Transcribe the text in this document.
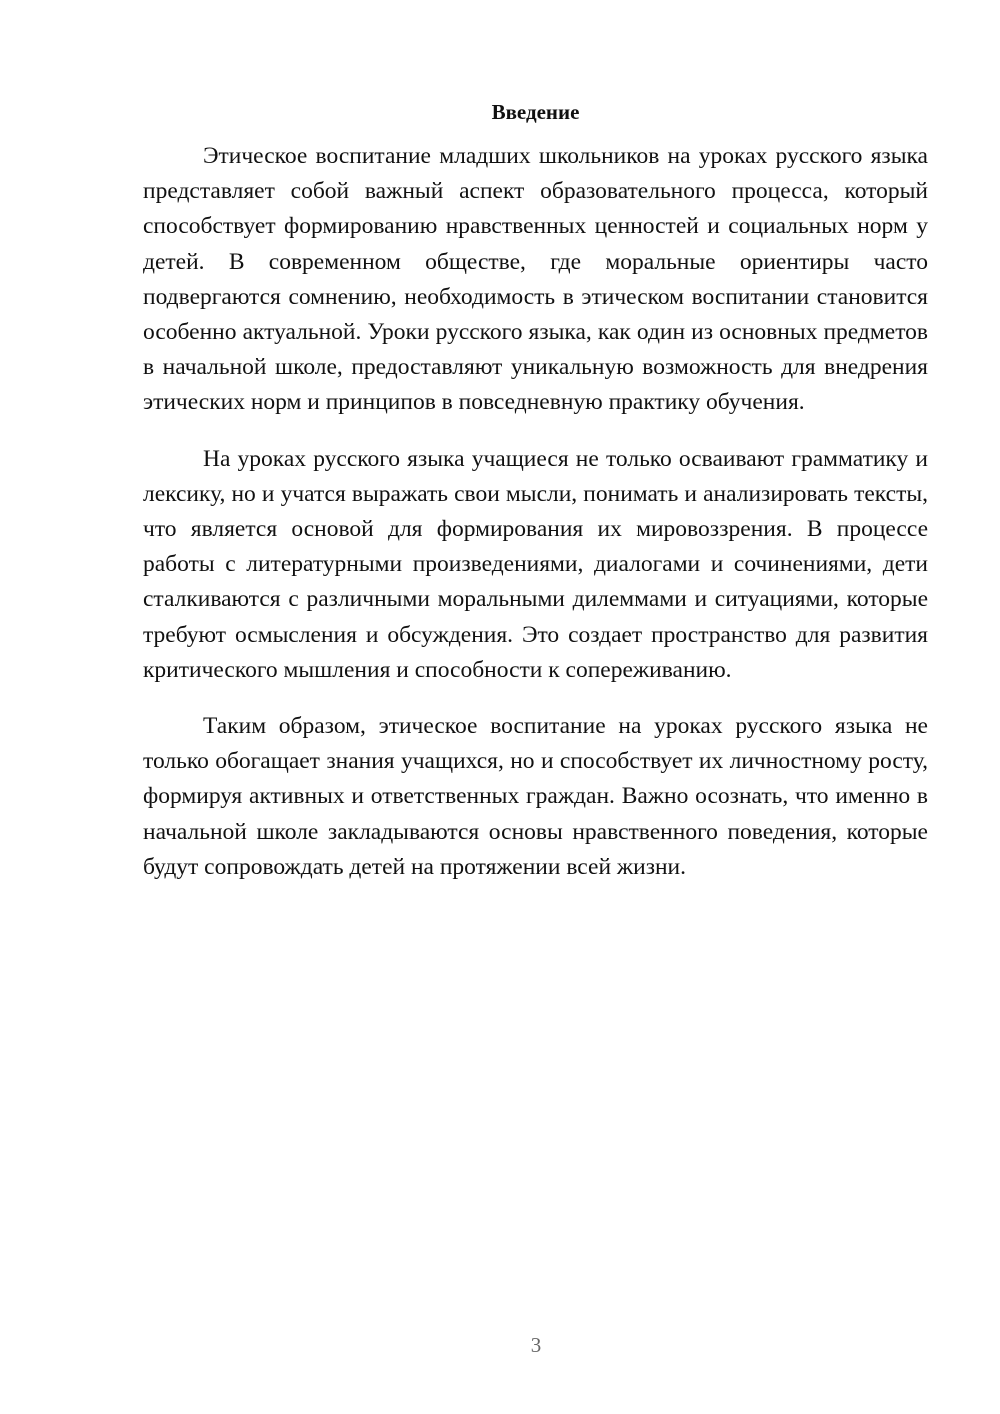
Введение

Этическое воспитание младших школьников на уроках русского языка представляет собой важный аспект образовательного процесса, который способствует формированию нравственных ценностей и социальных норм у детей. В современном обществе, где моральные ориентиры часто подвергаются сомнению, необходимость в этическом воспитании становится особенно актуальной. Уроки русского языка, как один из основных предметов в начальной школе, предоставляют уникальную возможность для внедрения этических норм и принципов в повседневную практику обучения.

На уроках русского языка учащиеся не только осваивают грамматику и лексику, но и учатся выражать свои мысли, понимать и анализировать тексты, что является основой для формирования их мировоззрения. В процессе работы с литературными произведениями, диалогами и сочинениями, дети сталкиваются с различными моральными дилеммами и ситуациями, которые требуют осмысления и обсуждения. Это создает пространство для развития критического мышления и способности к сопереживанию.

Таким образом, этическое воспитание на уроках русского языка не только обогащает знания учащихся, но и способствует их личностному росту, формируя активных и ответственных граждан. Важно осознать, что именно в начальной школе закладываются основы нравственного поведения, которые будут сопровождать детей на протяжении всей жизни.

3
